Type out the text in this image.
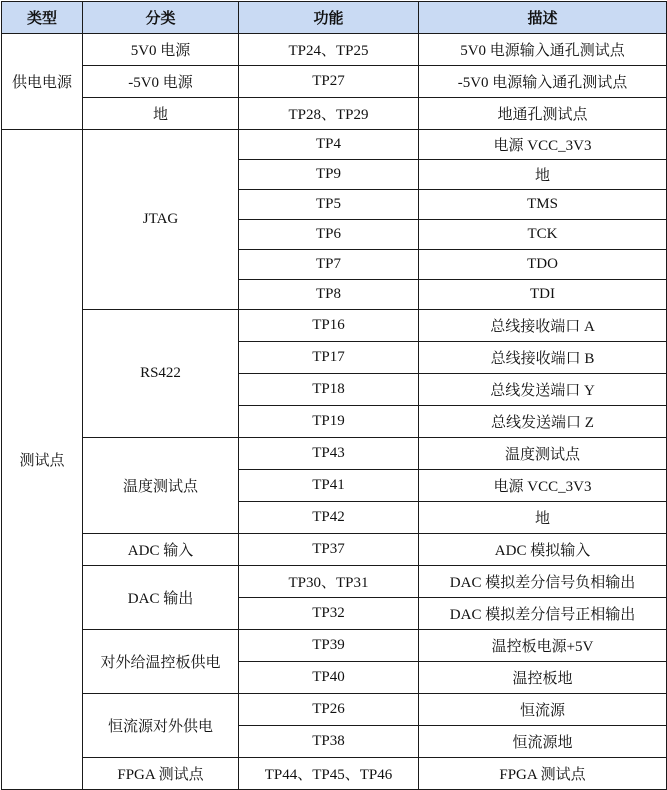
类型	分类	功能	描述
供电电源	5V0 电源	TP24、TP25	5V0 电源输入通孔测试点
	-5V0 电源	TP27	-5V0 电源输入通孔测试点
	地	TP28、TP29	地通孔测试点
测试点	JTAG	TP4	电源 VCC_3V3
		TP9	地
		TP5	TMS
		TP6	TCK
		TP7	TDO
		TP8	TDI
	RS422	TP16	总线接收端口 A
		TP17	总线接收端口 B
		TP18	总线发送端口 Y
		TP19	总线发送端口 Z
	温度测试点	TP43	温度测试点
		TP41	电源 VCC_3V3
		TP42	地
	ADC 输入	TP37	ADC 模拟输入
	DAC 输出	TP30、TP31	DAC 模拟差分信号负相输出
		TP32	DAC 模拟差分信号正相输出
	对外给温控板供电	TP39	温控板电源+5V
		TP40	温控板地
	恒流源对外供电	TP26	恒流源
		TP38	恒流源地
	FPGA 测试点	TP44、TP45、TP46	FPGA 测试点
